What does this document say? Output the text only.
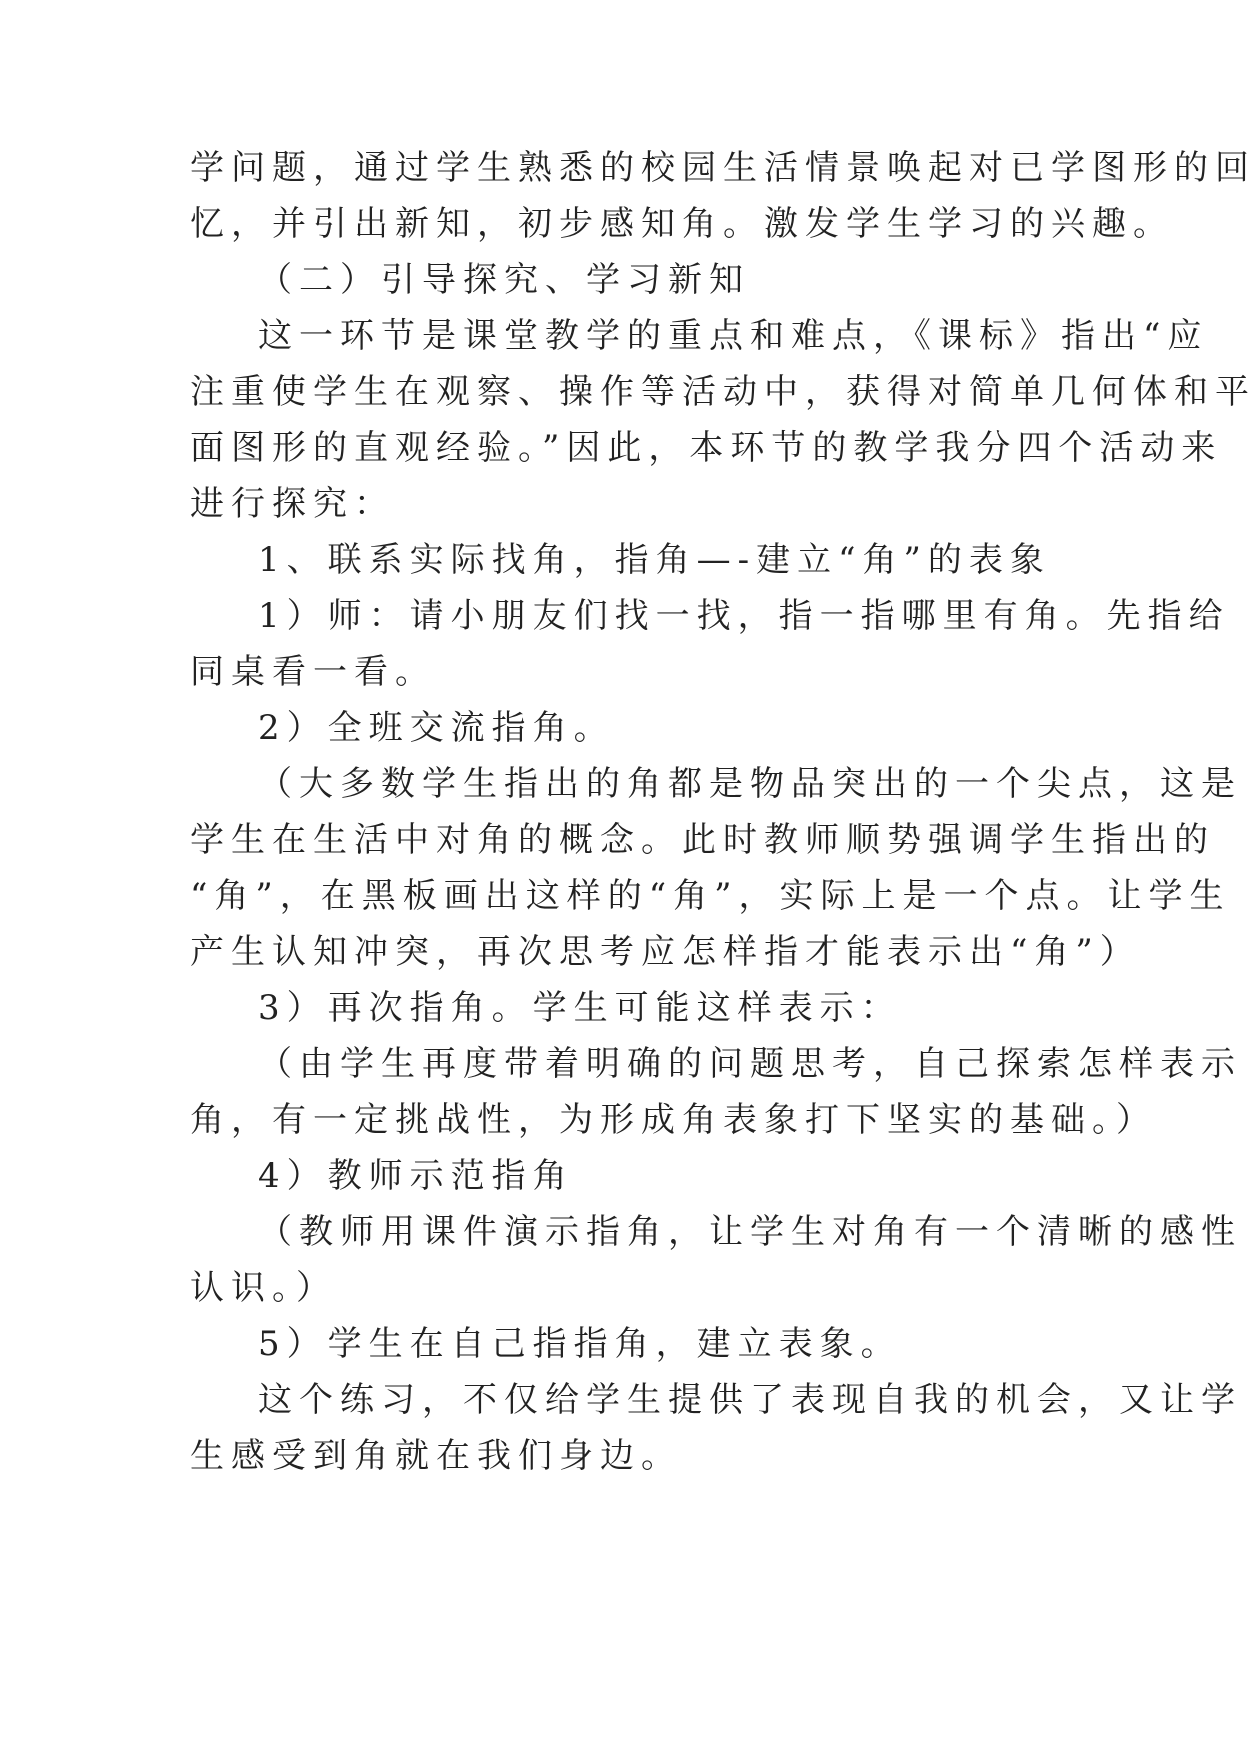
学问题，通过学生熟悉的校园生活情景唤起对已学图形的回
忆，并引出新知，初步感知角。激发学生学习的兴趣。
（二）引导探究、学习新知
这一环节是课堂教学的重点和难点，《课标》指出“应
注重使学生在观察、操作等活动中，获得对简单几何体和平
面图形的直观经验。”因此，本环节的教学我分四个活动来
进行探究：
1、联系实际找角，指角—-建立“角”的表象
1）师：请小朋友们找一找，指一指哪里有角。先指给
同桌看一看。
2）全班交流指角。
（大多数学生指出的角都是物品突出的一个尖点，这是
学生在生活中对角的概念。此时教师顺势强调学生指出的
“角”，在黑板画出这样的“角”，实际上是一个点。让学生
产生认知冲突，再次思考应怎样指才能表示出“角”）
3）再次指角。学生可能这样表示：
（由学生再度带着明确的问题思考，自己探索怎样表示
角，有一定挑战性，为形成角表象打下坚实的基础。）
4）教师示范指角
（教师用课件演示指角，让学生对角有一个清晰的感性
认识。）
5）学生在自己指指角，建立表象。
这个练习，不仅给学生提供了表现自我的机会，又让学
生感受到角就在我们身边。
